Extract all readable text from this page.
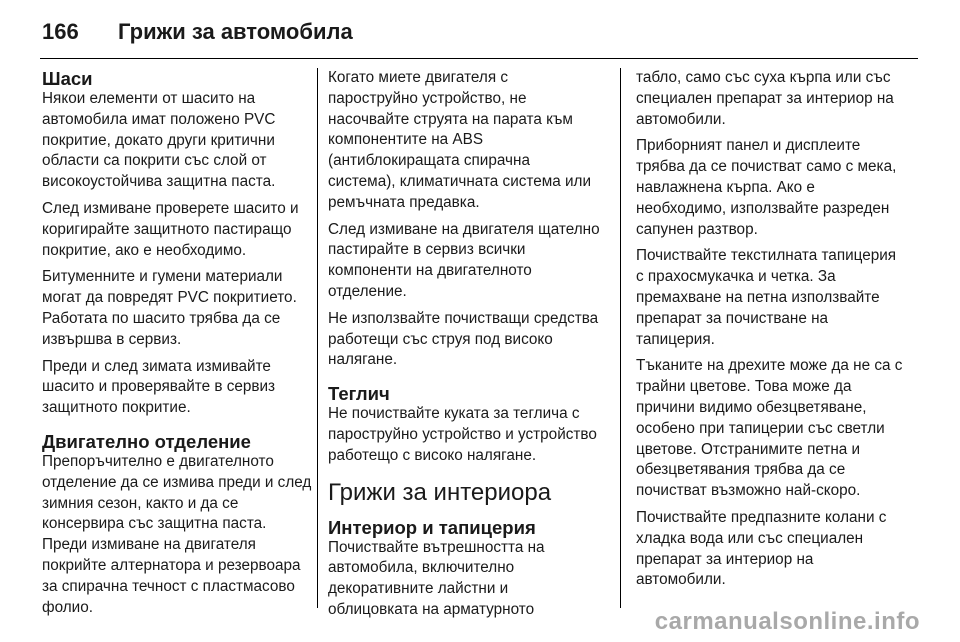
166	Грижи за автомобила
Шаси

Някои елементи от шасито на автомобила имат положено PVC покритие, докато други критични области са покрити със слой от високоустойчива защитна паста.

След измиване проверете шасито и коригирайте защитното пастиращо покритие, ако е необходимо.

Битуменните и гумени материали могат да повредят PVC покритието. Работата по шасито трябва да се извършва в сервиз.

Преди и след зимата измивайте шасито и проверявайте в сервиз защитното покритие.

Двигателно отделение

Препоръчително е двигателното отделение да се измива преди и след зимния сезон, както и да се консервира със защитна паста. Преди измиване на двигателя покрийте алтернатора и резервоара за спирачна течност с пластмасово фолио.

Когато миете двигателя с пароструйно устройство, не насочвайте струята на парата към компонентите на ABS (антиблокиращата спирачна система), климатичната система или ремъчната предавка.

След измиване на двигателя щателно пастирайте в сервиз всички компоненти на двигателното отделение.

Не използвайте почистващи средства работещи със струя под високо налягане.

Теглич

Не почиствайте куката за теглича с пароструйно устройство и устройство работещо с високо налягане.

Грижи за интериора
Интериор и тапицерия

Почиствайте вътрешността на автомобила, включително декоративните лайстни и облицовката на арматурното

табло, само със суха кърпа или със специален препарат за интериор на автомобили.

Приборният панел и дисплеите трябва да се почистват само с мека, навлажнена кърпа. Ако е необходимо, използвайте разреден сапунен разтвор.

Почиствайте текстилната тапицерия с прахосмукачка и четка. За премахване на петна използвайте препарат за почистване на тапицерия.

Тъканите на дрехите може да не са с трайни цветове. Това може да причини видимо обезцветяване, особено при тапицерии със светли цветове. Отстранимите петна и обезцветявания трябва да се почистват възможно най-скоро.

Почиствайте предпазните колани с хладка вода или със специален препарат за интериор на автомобили.

carmanualsonline.info
